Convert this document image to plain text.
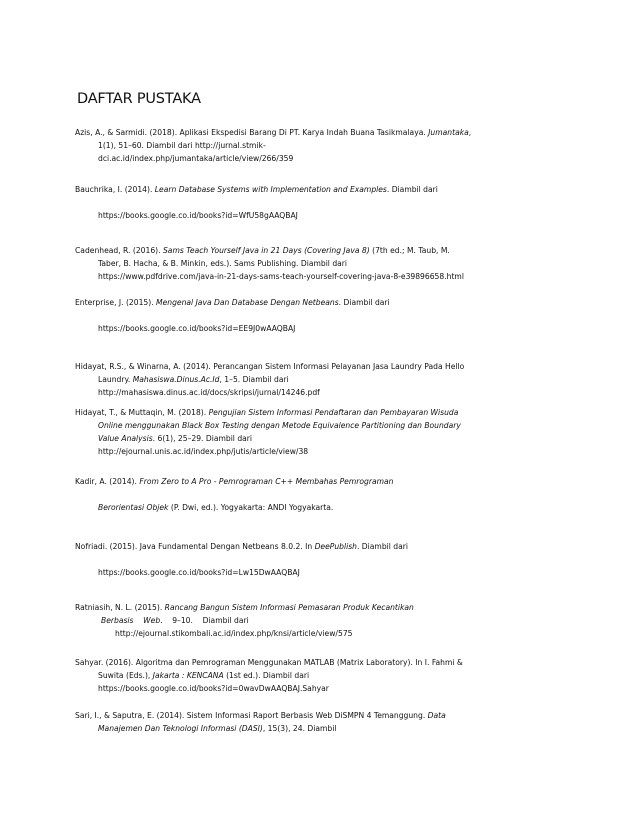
DAFTAR PUSTAKA
Azis, A., & Sarmidi. (2018). Aplikasi Ekspedisi Barang Di PT. Karya Indah Buana Tasikmalaya. Jumantaka,
1(1), 51–60. Diambil dari http://jurnal.stmik-
dci.ac.id/index.php/jumantaka/article/view/266/359
Bauchrika, I. (2014). Learn Database Systems with Implementation and Examples. Diambil dari
https://books.google.co.id/books?id=WfU58gAAQBAJ
Cadenhead, R. (2016). Sams Teach Yourself Java in 21 Days (Covering Java 8) (7th ed.; M. Taub, M.
Taber, B. Hacha, & B. Minkin, eds.). Sams Publishing. Diambil dari
https://www.pdfdrive.com/java-in-21-days-sams-teach-yourself-covering-java-8-e39896658.html
Enterprise, J. (2015). Mengenal Java Dan Database Dengan Netbeans. Diambil dari
https://books.google.co.id/books?id=EE9J0wAAQBAJ
Hidayat, R.S., & Winarna, A. (2014). Perancangan Sistem Informasi Pelayanan Jasa Laundry Pada Hello
Laundry. Mahasiswa.Dinus.Ac.Id, 1–5. Diambil dari
http://mahasiswa.dinus.ac.id/docs/skripsi/jurnal/14246.pdf
Hidayat, T., & Muttaqin, M. (2018). Pengujian Sistem Informasi Pendaftaran dan Pembayaran Wisuda
Online menggunakan Black Box Testing dengan Metode Equivalence Partitioning dan Boundary
Value Analysis. 6(1), 25–29. Diambil dari
http://ejournal.unis.ac.id/index.php/jutis/article/view/38
Kadir, A. (2014). From Zero to A Pro - Pemrograman C++ Membahas Pemrograman
Berorientasi Objek (P. Dwi, ed.). Yogyakarta: ANDI Yogyakarta.
Nofriadi. (2015). Java Fundamental Dengan Netbeans 8.0.2. In DeePublish. Diambil dari
https://books.google.co.id/books?id=Lw15DwAAQBAJ
Ratniasih, N. L. (2015). Rancang Bangun Sistem Informasi Pemasaran Produk Kecantikan
Berbasis    Web.    9–10.    Diambil dari
http://ejournal.stikombali.ac.id/index.php/knsi/article/view/575
Sahyar. (2016). Algoritma dan Pemrograman Menggunakan MATLAB (Matrix Laboratory). In I. Fahmi &
Suwita (Eds.), Jakarta : KENCANA (1st ed.). Diambil dari
https://books.google.co.id/books?id=0wavDwAAQBAJ.Sahyar
Sari, I., & Saputra, E. (2014). Sistem Informasi Raport Berbasis Web DiSMPN 4 Temanggung. Data
Manajemen Dan Teknologi Informasi (DASI), 15(3), 24. Diambil
